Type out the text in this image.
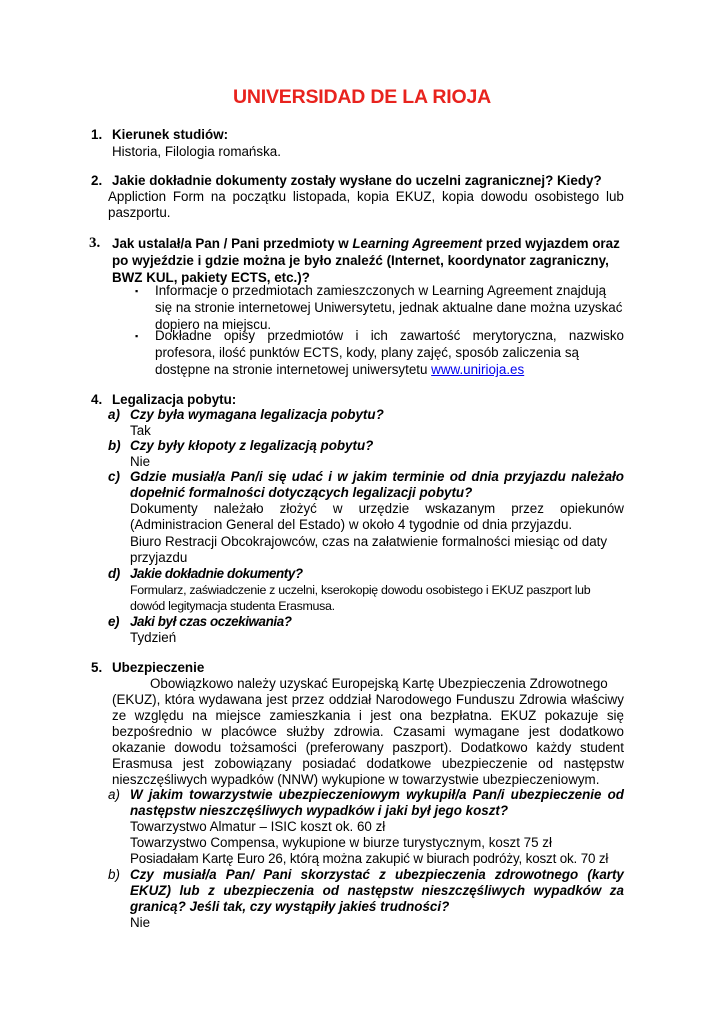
UNIVERSIDAD DE LA RIOJA
1. Kierunek studiów:
Historia, Filologia romańska.
2. Jakie dokładnie dokumenty zostały wysłane do uczelni zagranicznej? Kiedy?
Appliction Form na początku listopada, kopia EKUZ, kopia dowodu osobistego lub
paszportu.
3. Jak ustalał/a Pan / Pani przedmioty w Learning Agreement przed wyjazdem oraz
po wyjeździe i gdzie można je było znaleźć (Internet, koordynator zagraniczny,
BWZ KUL, pakiety ECTS, etc.)?
▪ Informacje o przedmiotach zamieszczonych w Learning Agreement znajdują
się na stronie internetowej Uniwersytetu, jednak aktualne dane można uzyskać
dopiero na miejscu.
▪ Dokładne opisy przedmiotów i ich zawartość merytoryczna, nazwisko
profesora, ilość punktów ECTS, kody, plany zajęć, sposób zaliczenia są
dostępne na stronie internetowej uniwersytetu www.unirioja.es
4. Legalizacja pobytu:
a) Czy była wymagana legalizacja pobytu?
Tak
b) Czy były kłopoty z legalizacją pobytu?
Nie
c) Gdzie musiał/a Pan/i się udać i w jakim terminie od dnia przyjazdu należało
dopełnić formalności dotyczących legalizacji pobytu?
Dokumenty należało złożyć w urzędzie wskazanym przez opiekunów
(Administracion General del Estado) w około 4 tygodnie od dnia przyjazdu.
Biuro Restracji Obcokrajowców, czas na załatwienie formalności miesiąc od daty
przyjazdu
d) Jakie dokładnie dokumenty?
Formularz, zaświadczenie z uczelni, kserokopię dowodu osobistego i EKUZ paszport lub
dowód legitymacja studenta Erasmusa.
e) Jaki był czas oczekiwania?
Tydzień
5. Ubezpieczenie
Obowiązkowo należy uzyskać Europejską Kartę Ubezpieczenia Zdrowotnego
(EKUZ), która wydawana jest przez oddział Narodowego Funduszu Zdrowia właściwy
ze względu na miejsce zamieszkania i jest ona bezpłatna. EKUZ pokazuje się
bezpośrednio w placówce służby zdrowia. Czasami wymagane jest dodatkowo
okazanie dowodu tożsamości (preferowany paszport). Dodatkowo każdy student
Erasmusa jest zobowiązany posiadać dodatkowe ubezpieczenie od następstw
nieszczęśliwych wypadków (NNW) wykupione w towarzystwie ubezpieczeniowym.
a) W jakim towarzystwie ubezpieczeniowym wykupił/a Pan/i ubezpieczenie od
następstw nieszczęśliwych wypadków i jaki był jego koszt?
Towarzystwo Almatur – ISIC koszt ok. 60 zł
Towarzystwo Compensa, wykupione w biurze turystycznym, koszt 75 zł
Posiadałam Kartę Euro 26, którą można zakupić w biurach podróży, koszt ok. 70 zł
b) Czy musiał/a Pan/ Pani skorzystać z ubezpieczenia zdrowotnego (karty
EKUZ) lub z ubezpieczenia od następstw nieszczęśliwych wypadków za
granicą? Jeśli tak, czy wystąpiły jakieś trudności?
Nie
